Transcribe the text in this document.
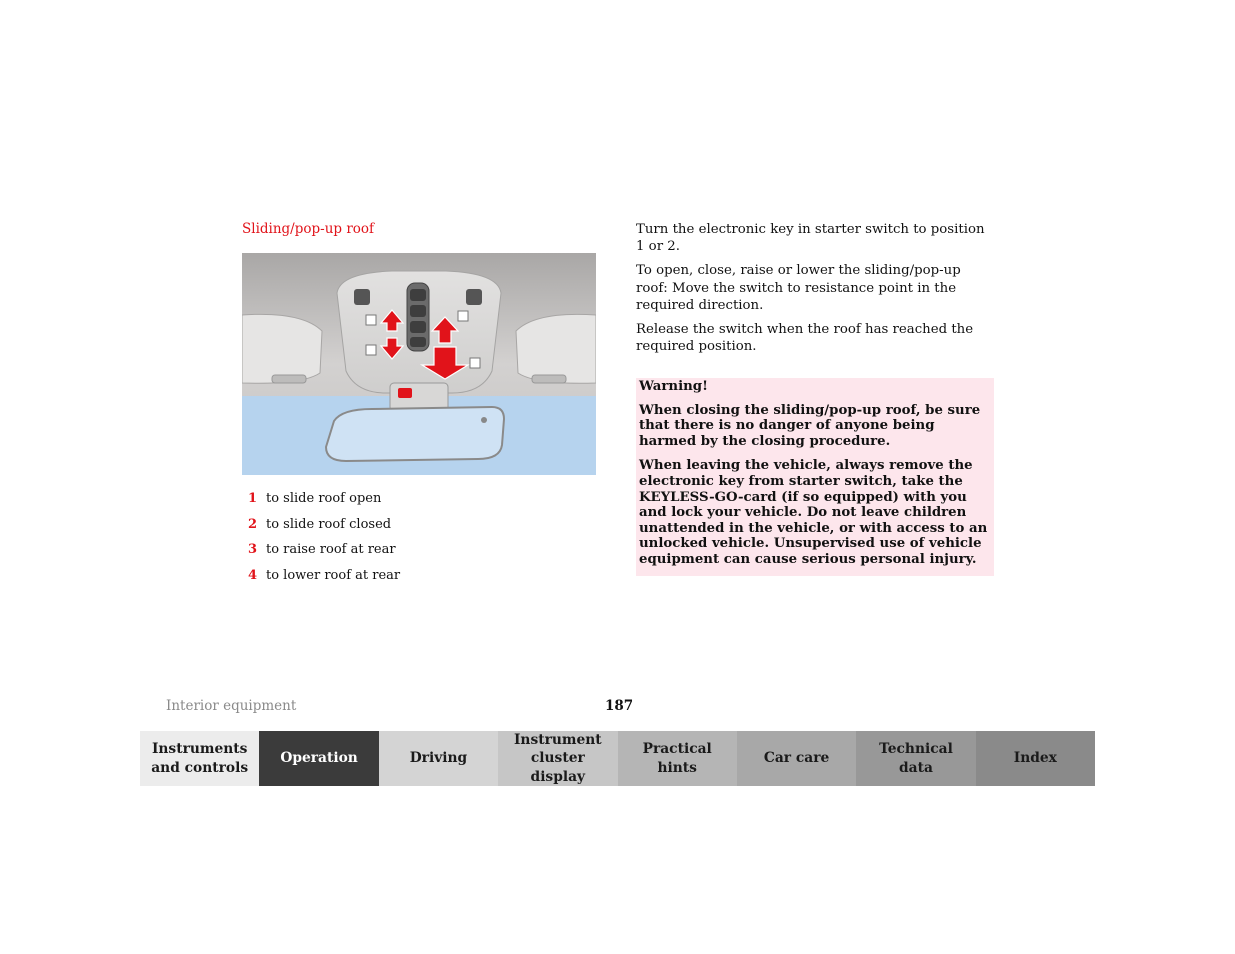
Sliding/pop-up roof
1 to slide roof open
2 to slide roof closed
3 to raise roof at rear
4 to lower roof at rear

Turn the electronic key in starter switch to position 1 or 2.

To open, close, raise or lower the sliding/pop-up roof: Move the switch to resistance point in the required direction.

Release the switch when the roof has reached the required position.

Warning!

When closing the sliding/pop-up roof, be sure that there is no danger of anyone being harmed by the closing procedure.

When leaving the vehicle, always remove the electronic key from starter switch, take the KEYLESS-GO-card (if so equipped) with you and lock your vehicle. Do not leave children unattended in the vehicle, or with access to an unlocked vehicle. Unsupervised use of vehicle equipment can cause serious personal injury.

Interior equipment	187
Instruments and controls
Operation	Driving
Instrument cluster display
Practical hints
Car care
Technical data
Index
